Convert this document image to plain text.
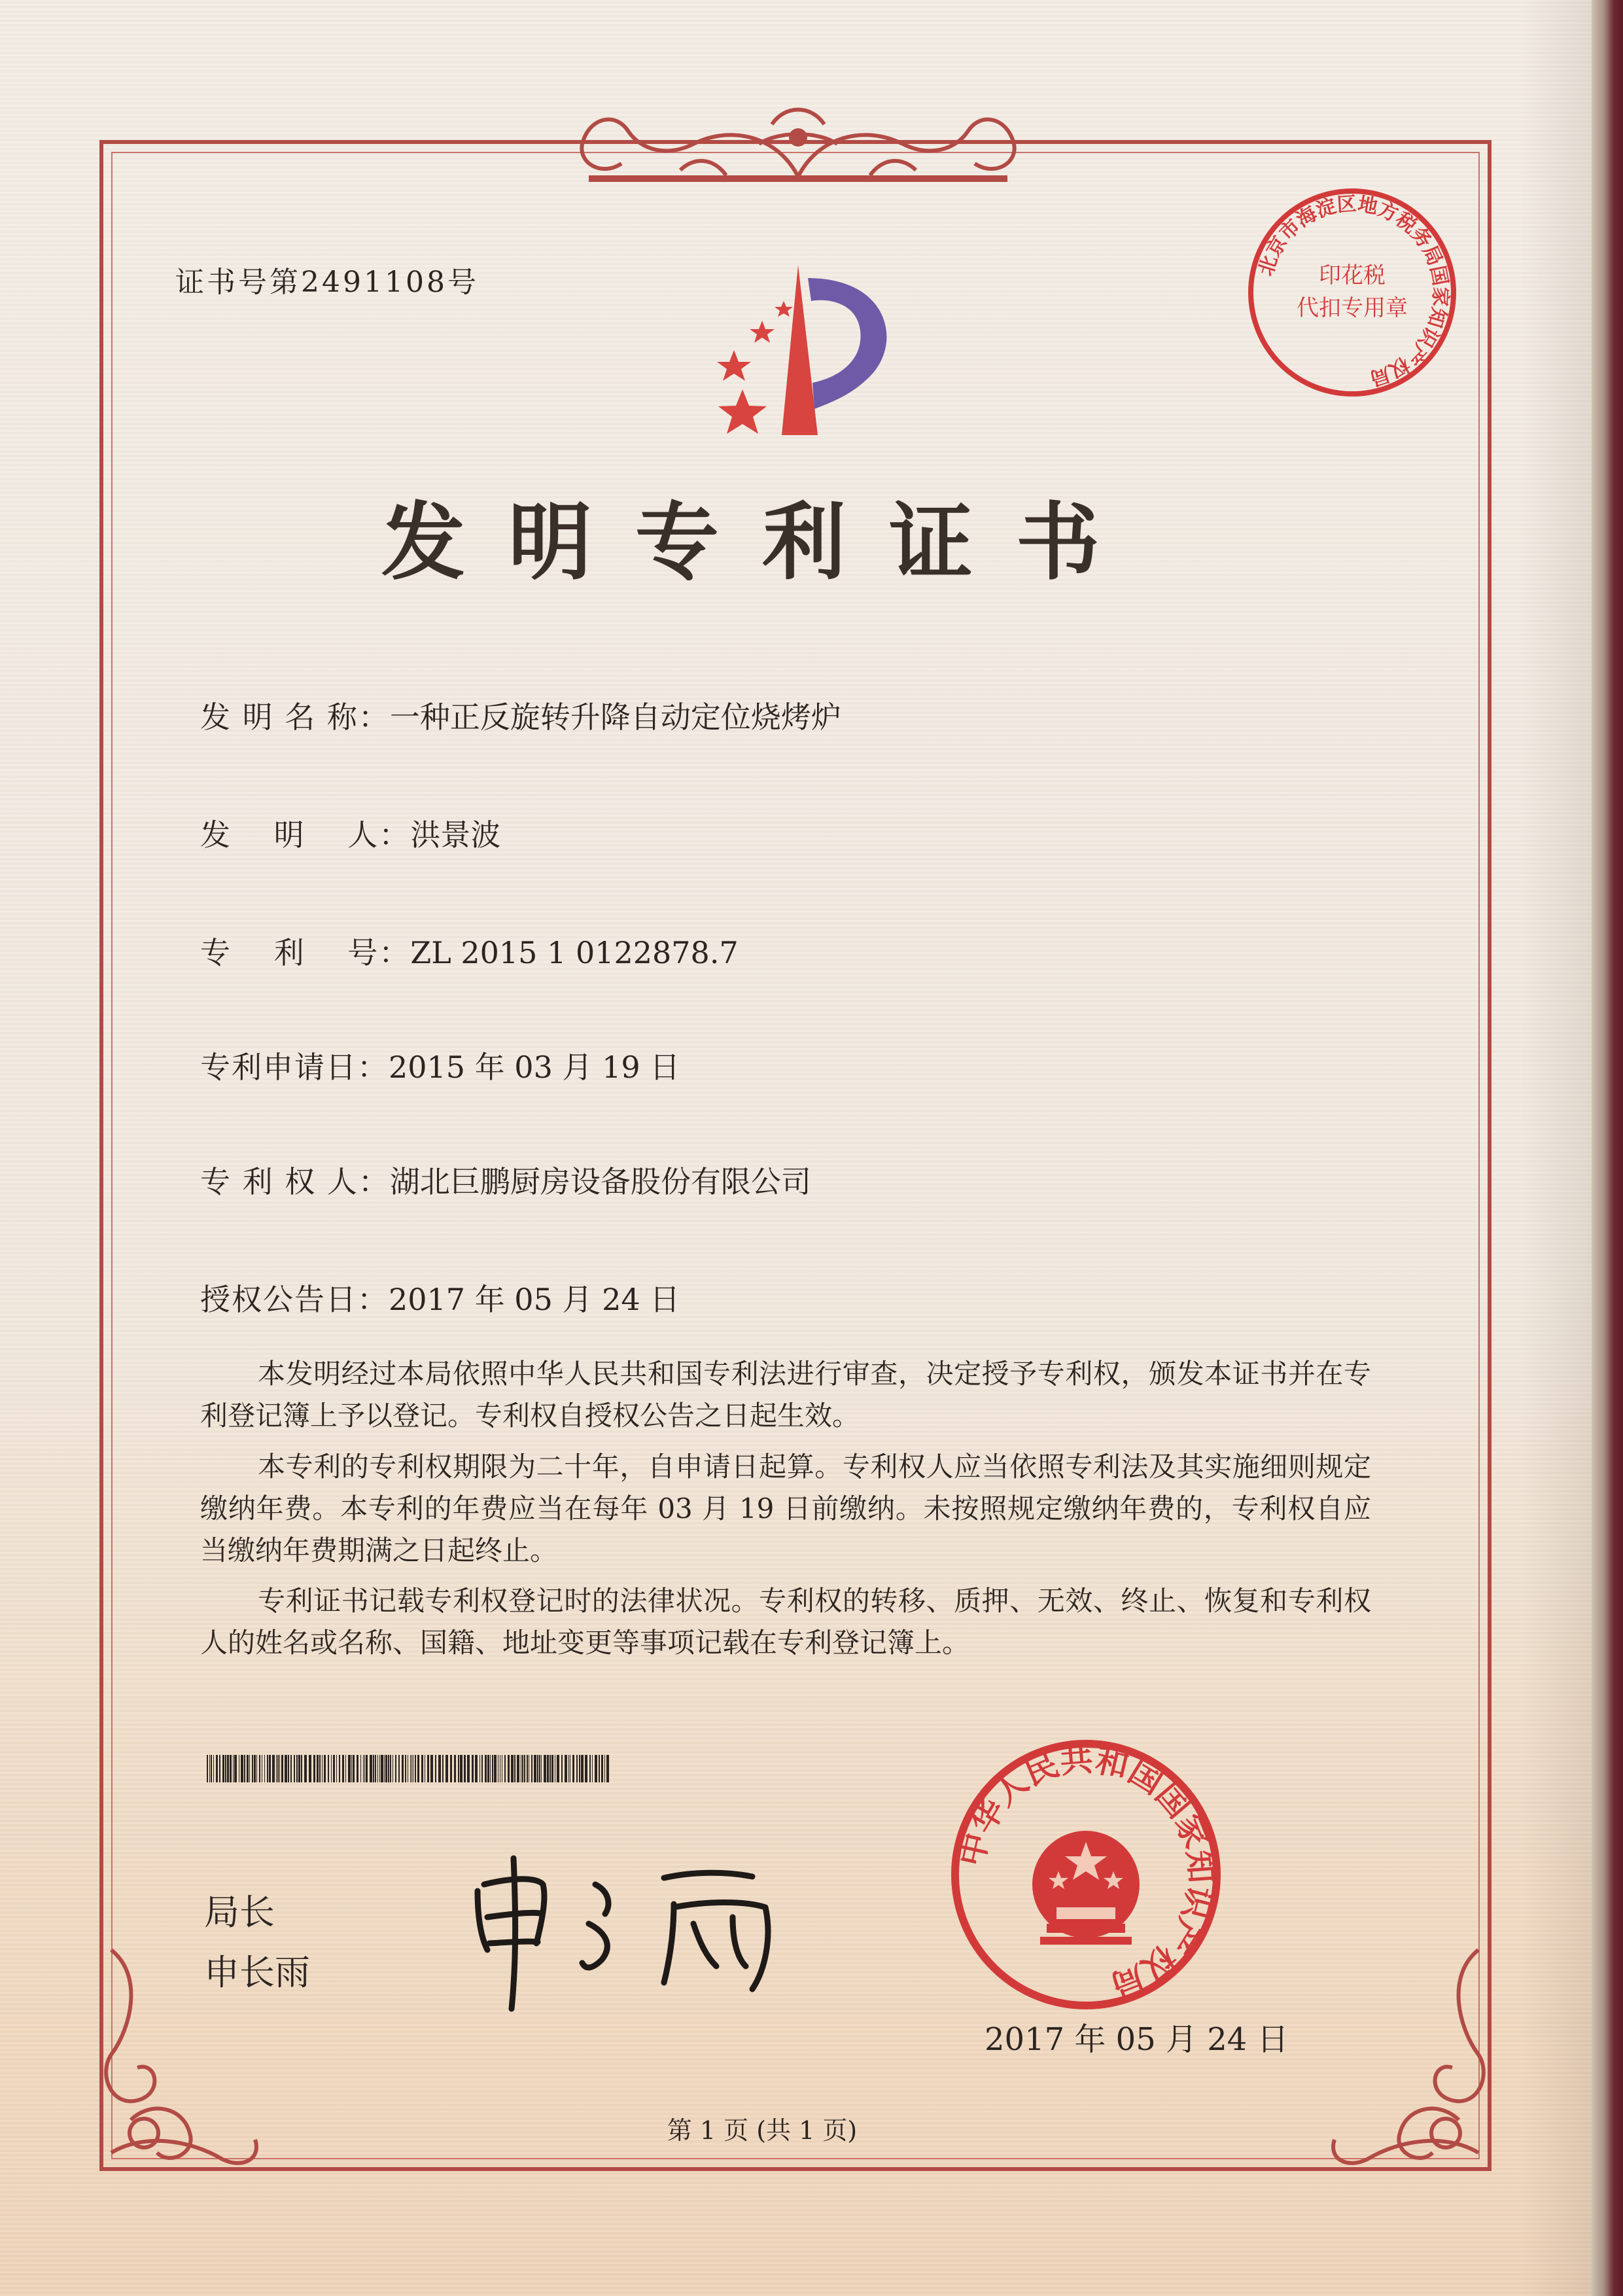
证书号第2491108号	北京市海淀区地方税务局国家知识产权局
印花税
代扣专用章
发明专利证书
发 明 名 称：一种正反旋转升降自动定位烧烤炉
发　 明　 人：洪景波
专　 利　 号：ZL 2015 1 0122878.7
专利申请日：2015 年 03 月 19 日
专 利 权 人：湖北巨鹏厨房设备股份有限公司
授权公告日：2017 年 05 月 24 日
本发明经过本局依照中华人民共和国专利法进行审查，决定授予专利权，颁发本证书并在专利登记簿上予以登记。专利权自授权公告之日起生效。
本专利的专利权期限为二十年，自申请日起算。专利权人应当依照专利法及其实施细则规定缴纳年费。本专利的年费应当在每年 03 月 19 日前缴纳。未按照规定缴纳年费的，专利权自应当缴纳年费期满之日起终止。
专利证书记载专利权登记时的法律状况。专利权的转移、质押、无效、终止、恢复和专利权人的姓名或名称、国籍、地址变更等事项记载在专利登记簿上。
局长
申长雨
中华人民共和国国家知识产权局
2017 年 05 月 24 日
第 1 页 (共 1 页)
